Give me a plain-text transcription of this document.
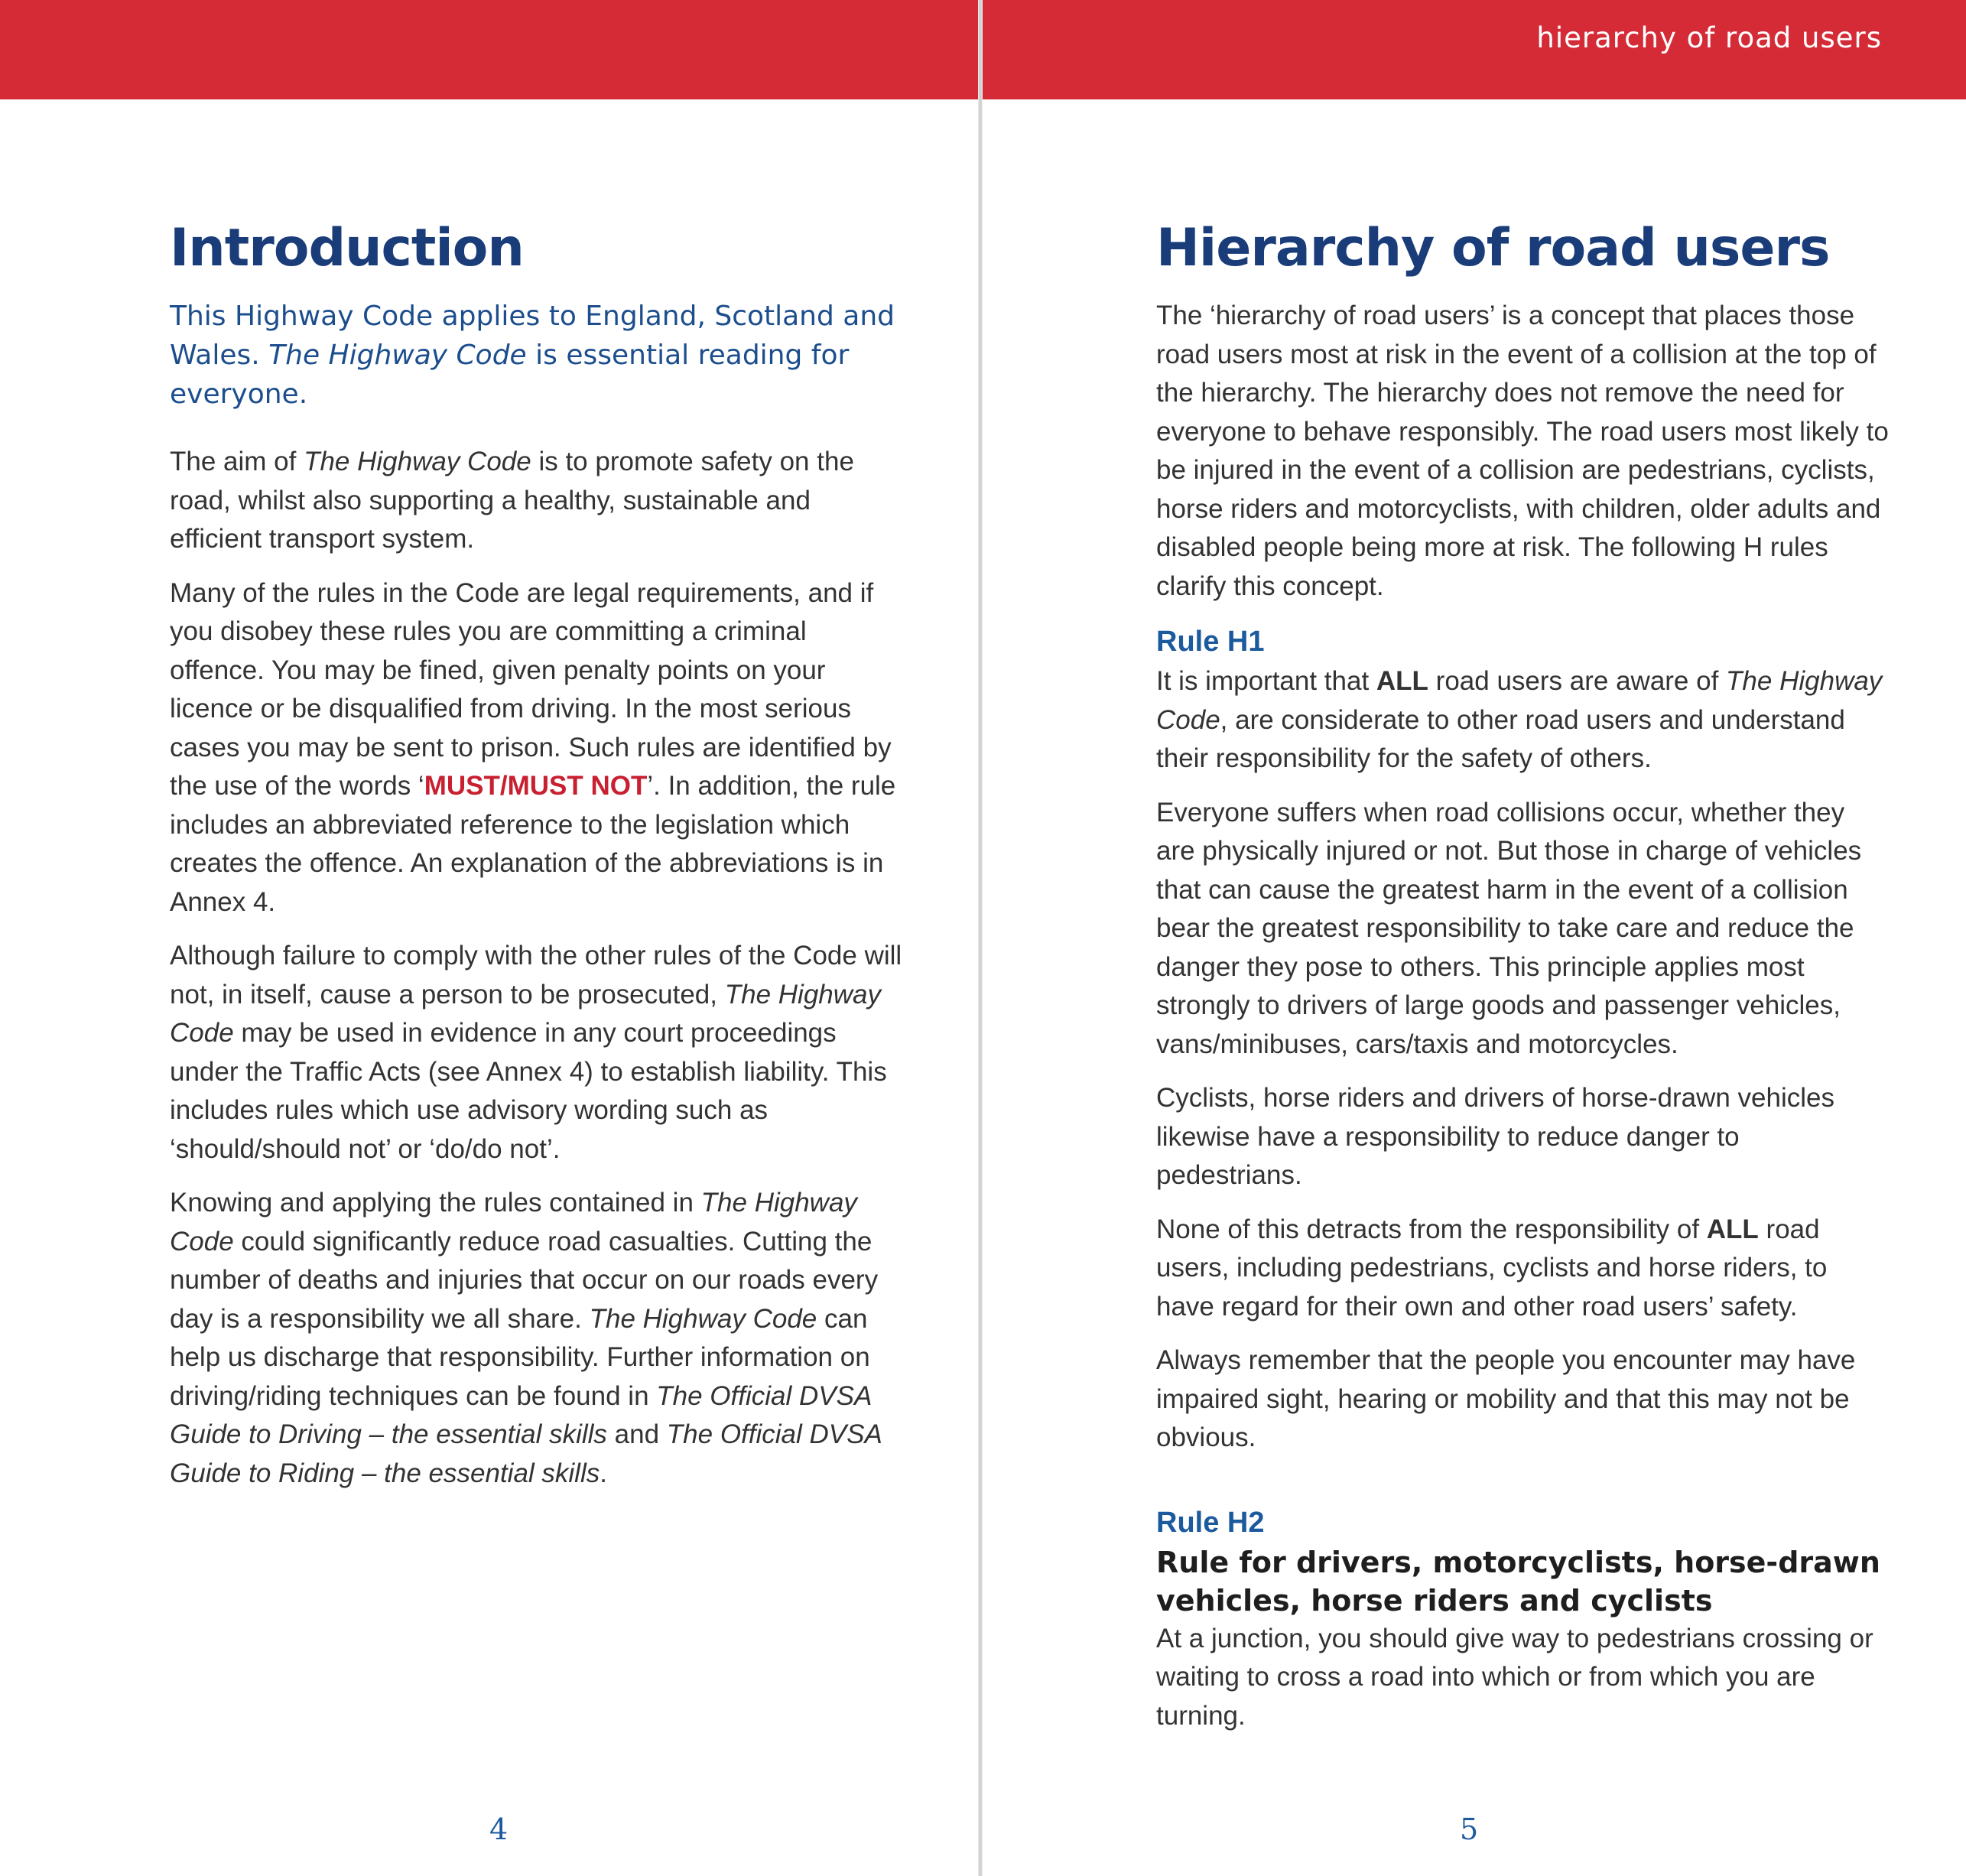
Introduction

This Highway Code applies to England, Scotland and Wales. The Highway Code is essential reading for everyone.

The aim of The Highway Code is to promote safety on the road, whilst also supporting a healthy, sustainable and efficient transport system.

Many of the rules in the Code are legal requirements, and if you disobey these rules you are committing a criminal offence. You may be fined, given penalty points on your licence or be disqualified from driving. In the most serious cases you may be sent to prison. Such rules are identified by the use of the words ‘MUST/MUST NOT’. In addition, the rule includes an abbreviated reference to the legislation which creates the offence. An explanation of the abbreviations is in Annex 4.

Although failure to comply with the other rules of the Code will not, in itself, cause a person to be prosecuted, The Highway Code may be used in evidence in any court proceedings under the Traffic Acts (see Annex 4) to establish liability. This includes rules which use advisory wording such as ‘should/should not’ or ‘do/do not’.

Knowing and applying the rules contained in The Highway Code could significantly reduce road casualties. Cutting the number of deaths and injuries that occur on our roads every day is a responsibility we all share. The Highway Code can help us discharge that responsibility. Further information on driving/riding techniques can be found in The Official DVSA Guide to Driving – the essential skills and The Official DVSA Guide to Riding – the essential skills.

4
hierarchy of road users
Hierarchy of road users

The ‘hierarchy of road users’ is a concept that places those road users most at risk in the event of a collision at the top of the hierarchy. The hierarchy does not remove the need for everyone to behave responsibly. The road users most likely to be injured in the event of a collision are pedestrians, cyclists, horse riders and motorcyclists, with children, older adults and disabled people being more at risk. The following H rules clarify this concept.

Rule H1

It is important that ALL road users are aware of The Highway Code, are considerate to other road users and understand their responsibility for the safety of others.

Everyone suffers when road collisions occur, whether they are physically injured or not. But those in charge of vehicles that can cause the greatest harm in the event of a collision bear the greatest responsibility to take care and reduce the danger they pose to others. This principle applies most strongly to drivers of large goods and passenger vehicles, vans/minibuses, cars/taxis and motorcycles.

Cyclists, horse riders and drivers of horse-drawn vehicles likewise have a responsibility to reduce danger to pedestrians.

None of this detracts from the responsibility of ALL road users, including pedestrians, cyclists and horse riders, to have regard for their own and other road users’ safety.

Always remember that the people you encounter may have impaired sight, hearing or mobility and that this may not be obvious.

Rule H2
Rule for drivers, motorcyclists, horse-drawn vehicles, horse riders and cyclists

At a junction, you should give way to pedestrians crossing or waiting to cross a road into which or from which you are turning.

5
